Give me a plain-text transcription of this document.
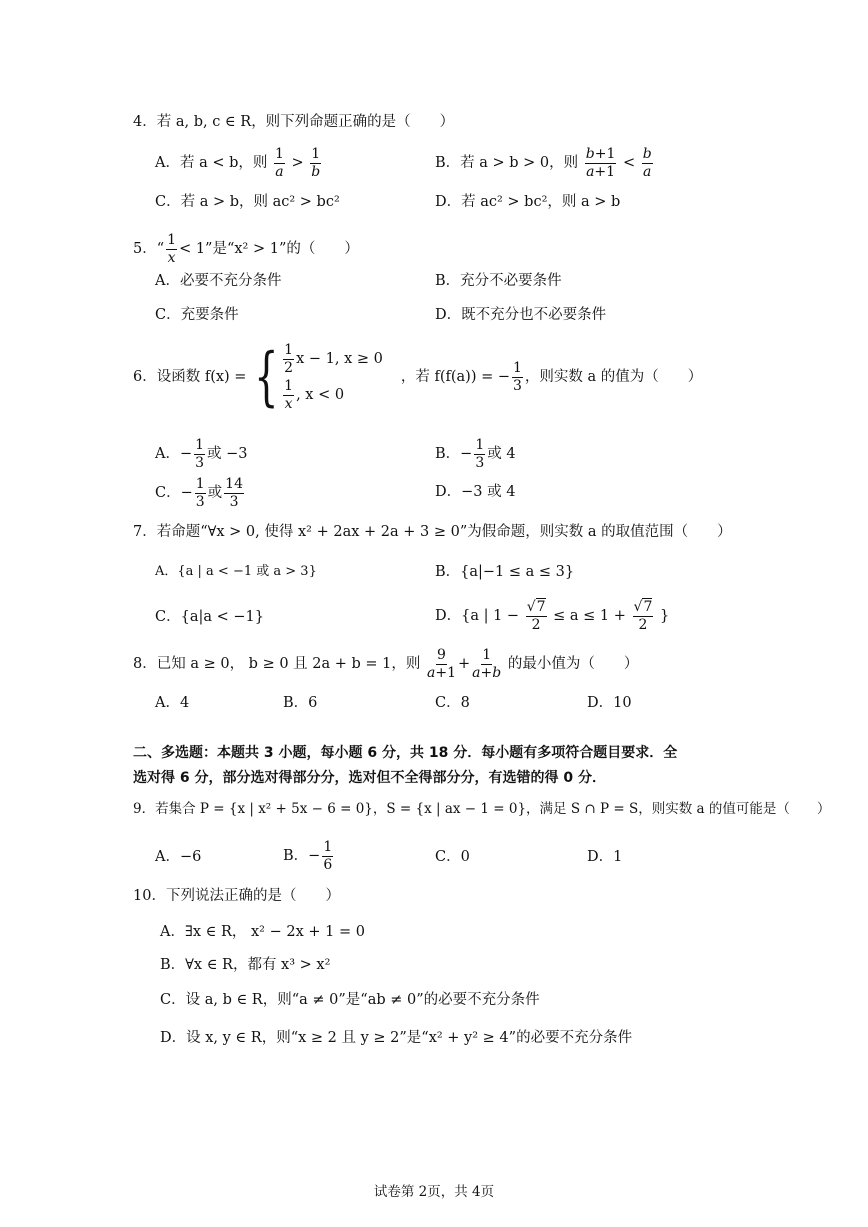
4．若 a, b, c ∈ R，则下列命题正确的是（　　）
A．若 a < b，则 $\frac{1}{a} > \frac{1}{b}$	B．若 a > b > 0，则 $\frac{b+1}{a+1} < \frac{b}{a}$
C．若 a > b，则 ac² > bc²	D．若 ac² > bc²，则 a > b
5．“ $\frac{1}{x} < 1$”是“x² > 1”的（　　）
A．必要不充分条件	B．充分不必要条件
C．充要条件	D．既不充分也不必要条件
6．设函数 f(x) = { $\frac{1}{2}$ x − 1, x ≥ 0
$\frac{1}{x}$ , x < 0
，若 f(f(a)) = − $\frac{1}{3}$ ，则实数 a 的值为（　　）
A．− $\frac{1}{3}$ 或 −3	B．− $\frac{1}{3}$ 或 4
C．− $\frac{1}{3}$ 或 $\frac{14}{3}$	D．−3 或 4
7．若命题“∀x > 0, 使得 x² + 2ax + 2a + 3 ≥ 0”为假命题，则实数 a 的取值范围（　　）
A．{a | a < −1 或 a > 3}	B．{a|−1 ≤ a ≤ 3}
C．{a|a < −1}	D．{a | $1 - \frac{√7}{2} \le a \le 1 + \frac{√7}{2}$ }
8．已知 a ≥ 0， b ≥ 0 且 2a + b = 1，则 $\frac{9}{a+1} + \frac{1}{a+b}$ 的最小值为（　　）
A．4	B．6	C．8	D．10
二、多选题：本题共 3 小题，每小题 6 分，共 18 分．每小题有多项符合题目要求．全
选对得 6 分，部分选对得部分分，选对但不全得部分分，有选错的得 0 分．
9．若集合 P = {x | x² + 5x − 6 = 0}，S = {x | ax − 1 = 0}，满足 S ∩ P = S，则实数 a 的值可能是（　　）
A．−6	B．− $\frac{1}{6}$	C．0	D．1
10．下列说法正确的是（　　）
A．∃x ∈ R， x² − 2x + 1 = 0
B．∀x ∈ R，都有 x³ > x²
C．设 a, b ∈ R，则“a ≠ 0”是“ab ≠ 0”的必要不充分条件
D．设 x, y ∈ R，则“x ≥ 2 且 y ≥ 2”是“x² + y² ≥ 4”的必要不充分条件
试卷第 2页，共 4页
